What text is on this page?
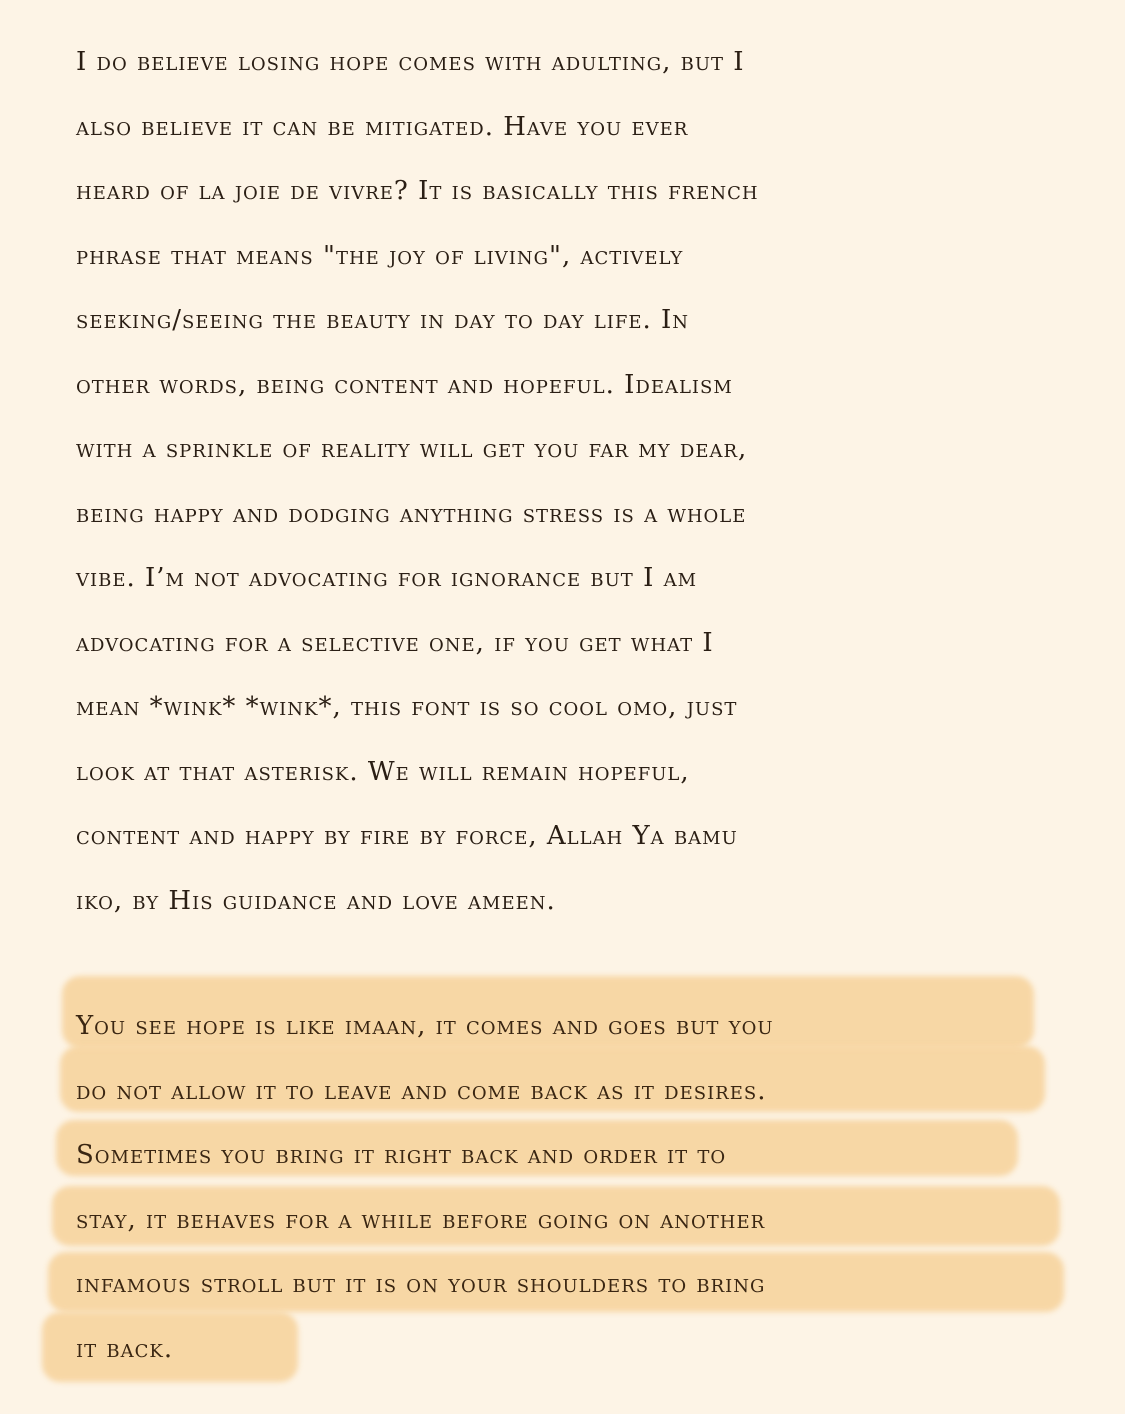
I do believe losing hope comes with adulting, but I
also believe it can be mitigated. Have you ever
heard of la joie de vivre? It is basically this french
phrase that means "the joy of living", actively
seeking/seeing the beauty in day to day life. In
other words, being content and hopeful. Idealism
with a sprinkle of reality will get you far my dear,
being happy and dodging anything stress is a whole
vibe. I’m not advocating for ignorance but I am
advocating for a selective one, if you get what I
mean *wink* *wink*, this font is so cool omo, just
look at that asterisk. We will remain hopeful,
content and happy by fire by force, Allah Ya bamu
iko, by His guidance and love ameen.
You see hope is like imaan, it comes and goes but you
do not allow it to leave and come back as it desires.
Sometimes you bring it right back and order it to
stay, it behaves for a while before going on another
infamous stroll but it is on your shoulders to bring
it back.
